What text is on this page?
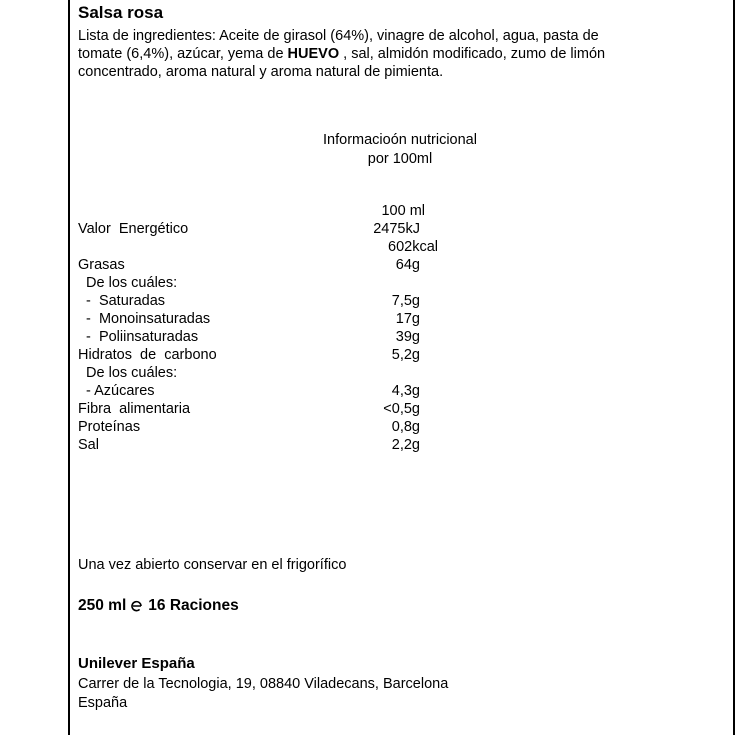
Salsa rosa
Lista de ingredientes: Aceite de girasol (64%), vinagre de alcohol, agua, pasta de tomate (6,4%), azúcar, yema de HUEVO , sal, almidón modificado, zumo de limón concentrado, aroma natural y aroma natural de pimienta.
Informacioón nutricional
por 100ml
100 ml
Valor  Energético	2475kJ
602kcal
Grasas	64g
De los cuáles:
-  Saturadas	7,5g
-  Monoinsaturadas	17g
-  Poliinsaturadas	39g
Hidratos  de  carbono	5,2g
De los cuáles:
- Azúcares	4,3g
Fibra  alimentaria	<0,5g
Proteínas	0,8g
Sal	2,2g
Una vez abierto conservar en el frigorífico
250 ml 16 Raciones
Unilever España
Carrer de la Tecnologia, 19, 08840 Viladecans, Barcelona
España
